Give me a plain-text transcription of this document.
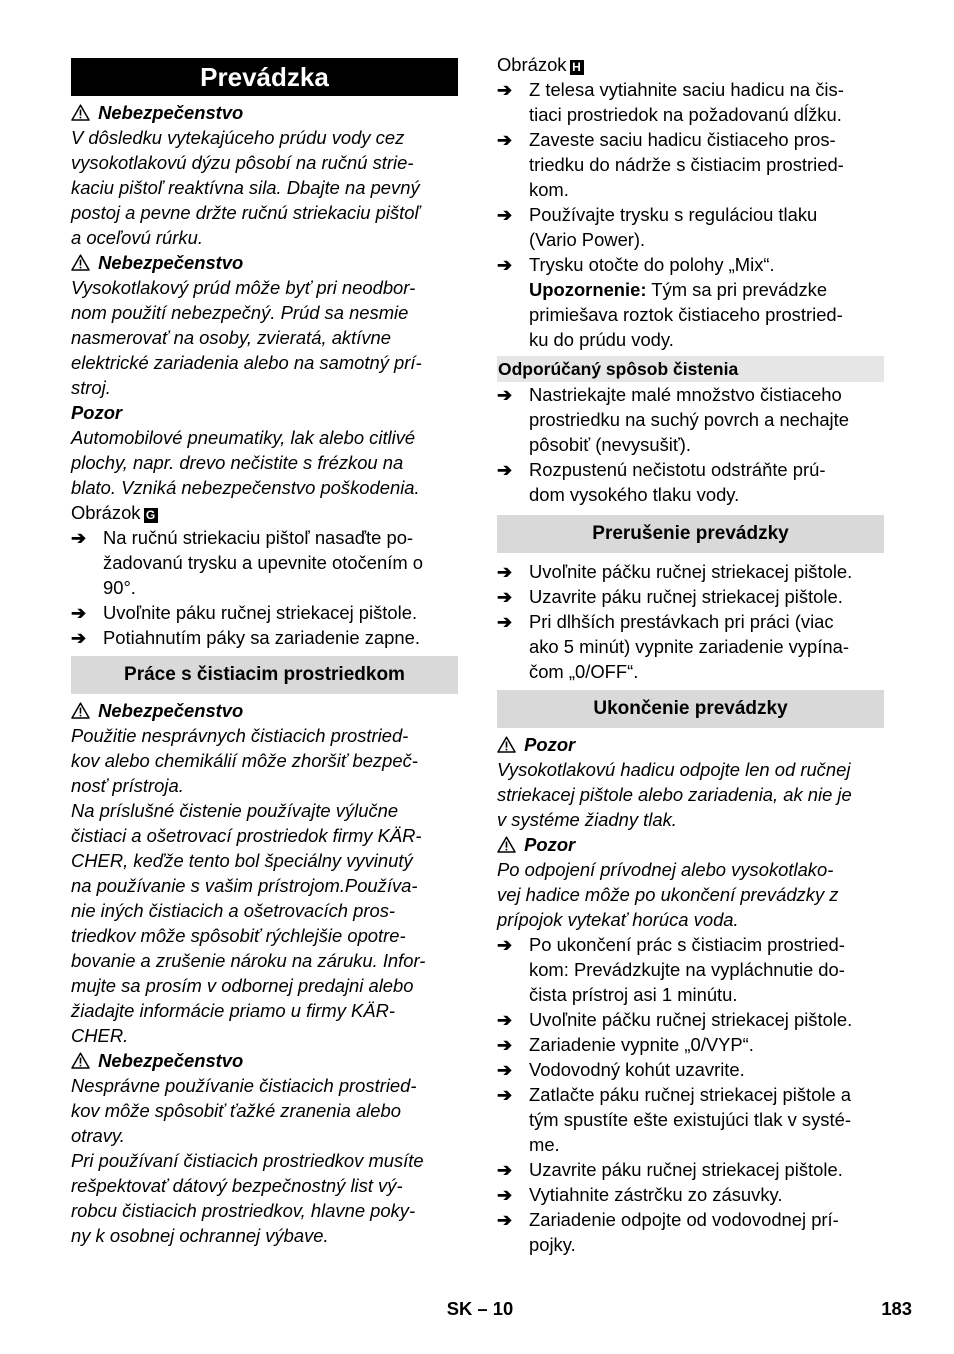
Prevádzka
Nebezpečenstvo
V dôsledku vytekajúceho prúdu vody cez
vysokotlakovú dýzu pôsobí na ručnú strie-
kaciu pištoľ reaktívna sila. Dbajte na pevný
postoj a pevne držte ručnú striekaciu pištoľ
a oceľovú rúrku.
Nebezpečenstvo
Vysokotlakový prúd môže byť pri neodbor-
nom použití nebezpečný. Prúd sa nesmie
nasmerovať na osoby, zvieratá, aktívne
elektrické zariadenia alebo na samotný prí-
stroj.
Pozor
Automobilové pneumatiky, lak alebo citlivé
plochy, napr. drevo nečistite s frézkou na
blato. Vzniká nebezpečenstvo poškodenia.
Obrázok G
➔ Na ručnú striekaciu pištoľ nasaďte po-
žadovanú trysku a upevnite otočením o
90°.
➔ Uvoľnite páku ručnej striekacej pištole.
➔ Potiahnutím páky sa zariadenie zapne.
Práce s čistiacim prostriedkom
Nebezpečenstvo
Použitie nesprávnych čistiacich prostried-
kov alebo chemikálií môže zhoršiť bezpeč-
nosť prístroja.
Na príslušné čistenie používajte výlučne
čistiaci a ošetrovací prostriedok firmy KÄR-
CHER, keďže tento bol špeciálny vyvinutý
na používanie s vašim prístrojom.Používa-
nie iných čistiacich a ošetrovacích pros-
triedkov môže spôsobiť rýchlejšie opotre-
bovanie a zrušenie nároku na záruku. Infor-
mujte sa prosím v odbornej predajni alebo
žiadajte informácie priamo u firmy KÄR-
CHER.
Nebezpečenstvo
Nesprávne používanie čistiacich prostried-
kov môže spôsobiť ťažké zranenia alebo
otravy.
Pri používaní čistiacich prostriedkov musíte
rešpektovať dátový bezpečnostný list vý-
robcu čistiacich prostriedkov, hlavne poky-
ny k osobnej ochrannej výbave.
Obrázok H
➔ Z telesa vytiahnite saciu hadicu na čis-
tiaci prostriedok na požadovanú dĺžku.
➔ Zaveste saciu hadicu čistiaceho pros-
triedku do nádrže s čistiacim prostried-
kom.
➔ Používajte trysku s reguláciou tlaku
(Vario Power).
➔ Trysku otočte do polohy „Mix“.
Upozornenie: Tým sa pri prevádzke
primiešava roztok čistiaceho prostried-
ku do prúdu vody.
Odporúčaný spôsob čistenia
➔ Nastriekajte malé množstvo čistiaceho
prostriedku na suchý povrch a nechajte
pôsobiť (nevysušiť).
➔ Rozpustenú nečistotu odstráňte prú-
dom vysokého tlaku vody.
Prerušenie prevádzky
➔ Uvoľnite páčku ručnej striekacej pištole.
➔ Uzavrite páku ručnej striekacej pištole.
➔ Pri dlhších prestávkach pri práci (viac
ako 5 minút) vypnite zariadenie vypína-
čom „0/OFF“.
Ukončenie prevádzky
Pozor
Vysokotlakovú hadicu odpojte len od ručnej
striekacej pištole alebo zariadenia, ak nie je
v systéme žiadny tlak.
Pozor
Po odpojení prívodnej alebo vysokotlako-
vej hadice môže po ukončení prevádzky z
prípojok vytekať horúca voda.
➔ Po ukončení prác s čistiacim prostried-
kom: Prevádzkujte na vypláchnutie do-
čista prístroj asi 1 minútu.
➔ Uvoľnite páčku ručnej striekacej pištole.
➔ Zariadenie vypnite „0/VYP“.
➔ Vodovodný kohút uzavrite.
➔ Zatlačte páku ručnej striekacej pištole a
tým spustíte ešte existujúci tlak v systé-
me.
➔ Uzavrite páku ručnej striekacej pištole.
➔ Vytiahnite zástrčku zo zásuvky.
➔ Zariadenie odpojte od vodovodnej prí-
pojky.
SK – 10	183
